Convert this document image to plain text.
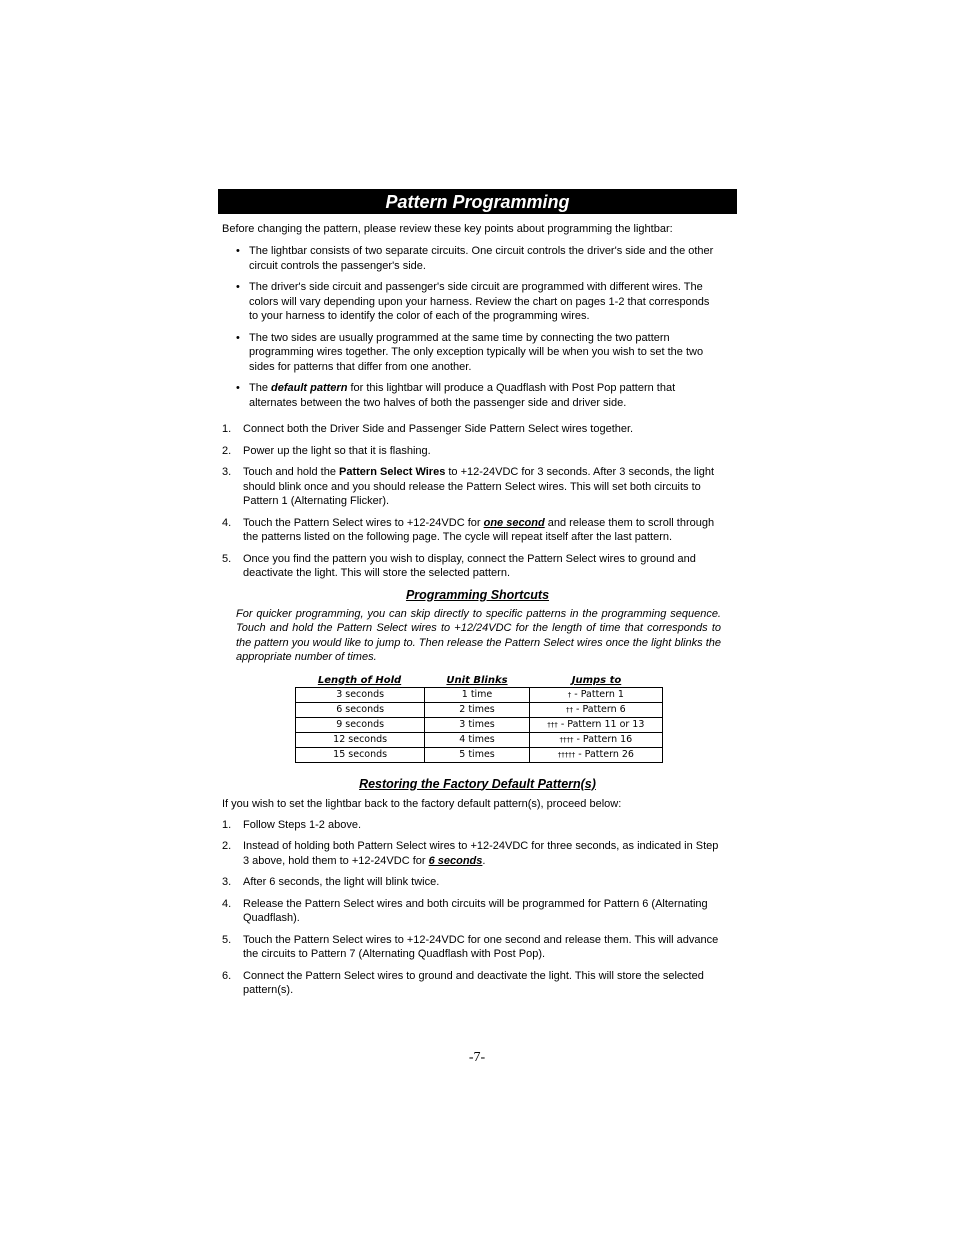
Pattern Programming
Before changing the pattern, please review these key points about programming the lightbar:
• The lightbar consists of two separate circuits. One circuit controls the driver's side and the other circuit controls the passenger's side.
• The driver's side circuit and passenger's side circuit are programmed with different wires. The colors will vary depending upon your harness. Review the chart on pages 1-2 that corresponds to your harness to identify the color of each of the programming wires.
• The two sides are usually programmed at the same time by connecting the two pattern programming wires together. The only exception typically will be when you wish to set the two sides for patterns that differ from one another.
• The default pattern for this lightbar will produce a Quadflash with Post Pop pattern that alternates between the two halves of both the passenger side and driver side.
1. Connect both the Driver Side and Passenger Side Pattern Select wires together.
2. Power up the light so that it is flashing.
3. Touch and hold the Pattern Select Wires to +12-24VDC for 3 seconds. After 3 seconds, the light should blink once and you should release the Pattern Select wires. This will set both circuits to Pattern 1 (Alternating Flicker).
4. Touch the Pattern Select wires to +12-24VDC for one second and release them to scroll through the patterns listed on the following page. The cycle will repeat itself after the last pattern.
5. Once you find the pattern you wish to display, connect the Pattern Select wires to ground and deactivate the light. This will store the selected pattern.
Programming Shortcuts
For quicker programming, you can skip directly to specific patterns in the programming sequence. Touch and hold the Pattern Select wires to +12/24VDC for the length of time that corresponds to the pattern you would like to jump to. Then release the Pattern Select wires once the light blinks the appropriate number of times.
Length of Hold	Unit Blinks	Jumps to
3 seconds	1 time	† - Pattern 1
6 seconds	2 times	†† - Pattern 6
9 seconds	3 times	††† - Pattern 11 or 13
12 seconds	4 times	†††† - Pattern 16
15 seconds	5 times	††††† - Pattern 26
Restoring the Factory Default Pattern(s)
If you wish to set the lightbar back to the factory default pattern(s), proceed below:
1. Follow Steps 1-2 above.
2. Instead of holding both Pattern Select wires to +12-24VDC for three seconds, as indicated in Step 3 above, hold them to +12-24VDC for 6 seconds.
3. After 6 seconds, the light will blink twice.
4. Release the Pattern Select wires and both circuits will be programmed for Pattern 6 (Alternating Quadflash).
5. Touch the Pattern Select wires to +12-24VDC for one second and release them. This will advance the circuits to Pattern 7 (Alternating Quadflash with Post Pop).
6. Connect the Pattern Select wires to ground and deactivate the light. This will store the selected pattern(s).
-7-
